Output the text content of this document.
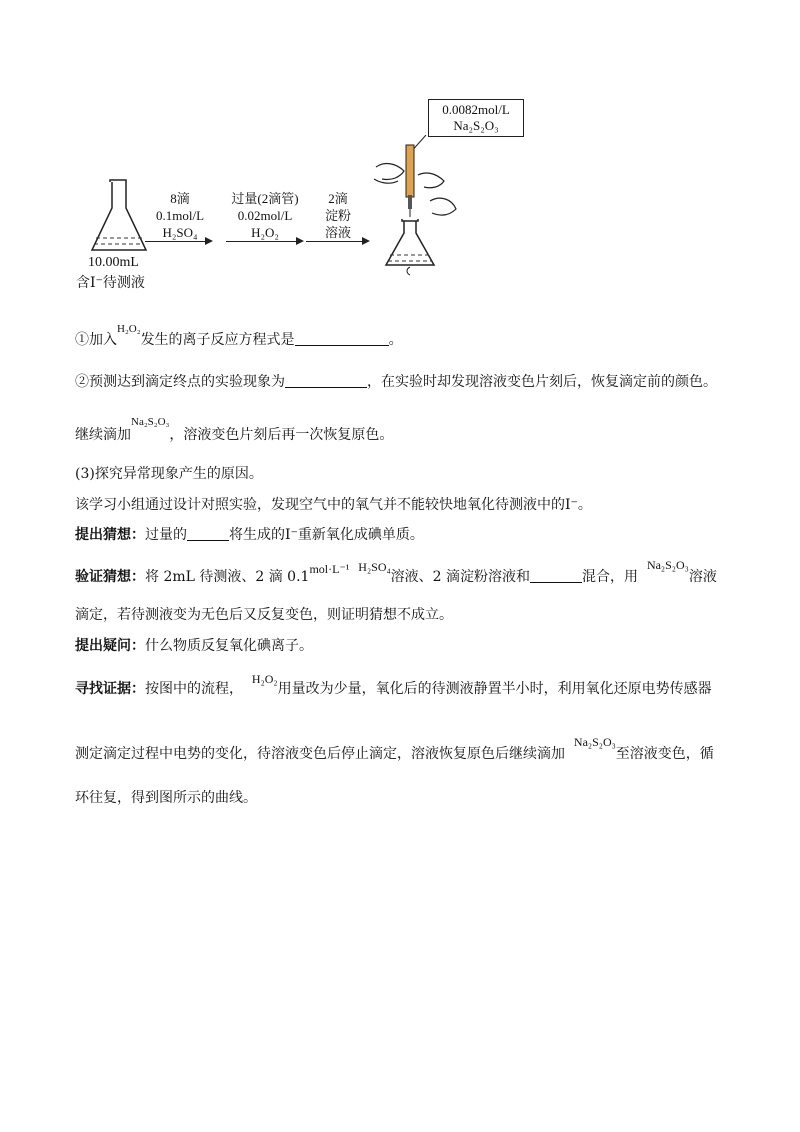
10.00mL
含I⁻待测液
8滴
0.1mol/L
H₂SO₄
过量(2滴管)
0.02mol/L
H₂O₂
2滴
淀粉
溶液
0.0082mol/L
Na₂S₂O₃
①加入$^{H_2O_2}$发生的离子反应方程式是	。
②预测达到滴定终点的实验现象为	，在实验时却发现溶液变色片刻后，恢复滴定前的颜色。
继续滴加$^{Na_2S_2O_3}$，溶液变色片刻后再一次恢复原色。
(3)探究异常现象产生的原因。
该学习小组通过设计对照实验，发现空气中的氧气并不能较快地氧化待测液中的I⁻。
提出猜想：过量的	将生成的I⁻重新氧化成碘单质。
验证猜想：将 2mL 待测液、2 滴 0.1mol·L⁻¹ H₂SO₄溶液、2 滴淀粉溶液和	混合，用  Na₂S₂O₃溶液
滴定，若待测液变为无色后又反复变色，则证明猜想不成立。
提出疑问：什么物质反复氧化碘离子。
寻找证据：按图中的流程，  H₂O₂用量改为少量，氧化后的待测液静置半小时，利用氧化还原电势传感器
测定滴定过程中电势的变化，待溶液变色后停止滴定，溶液恢复原色后继续滴加  Na₂S₂O₃至溶液变色，循
环往复，得到图所示的曲线。
